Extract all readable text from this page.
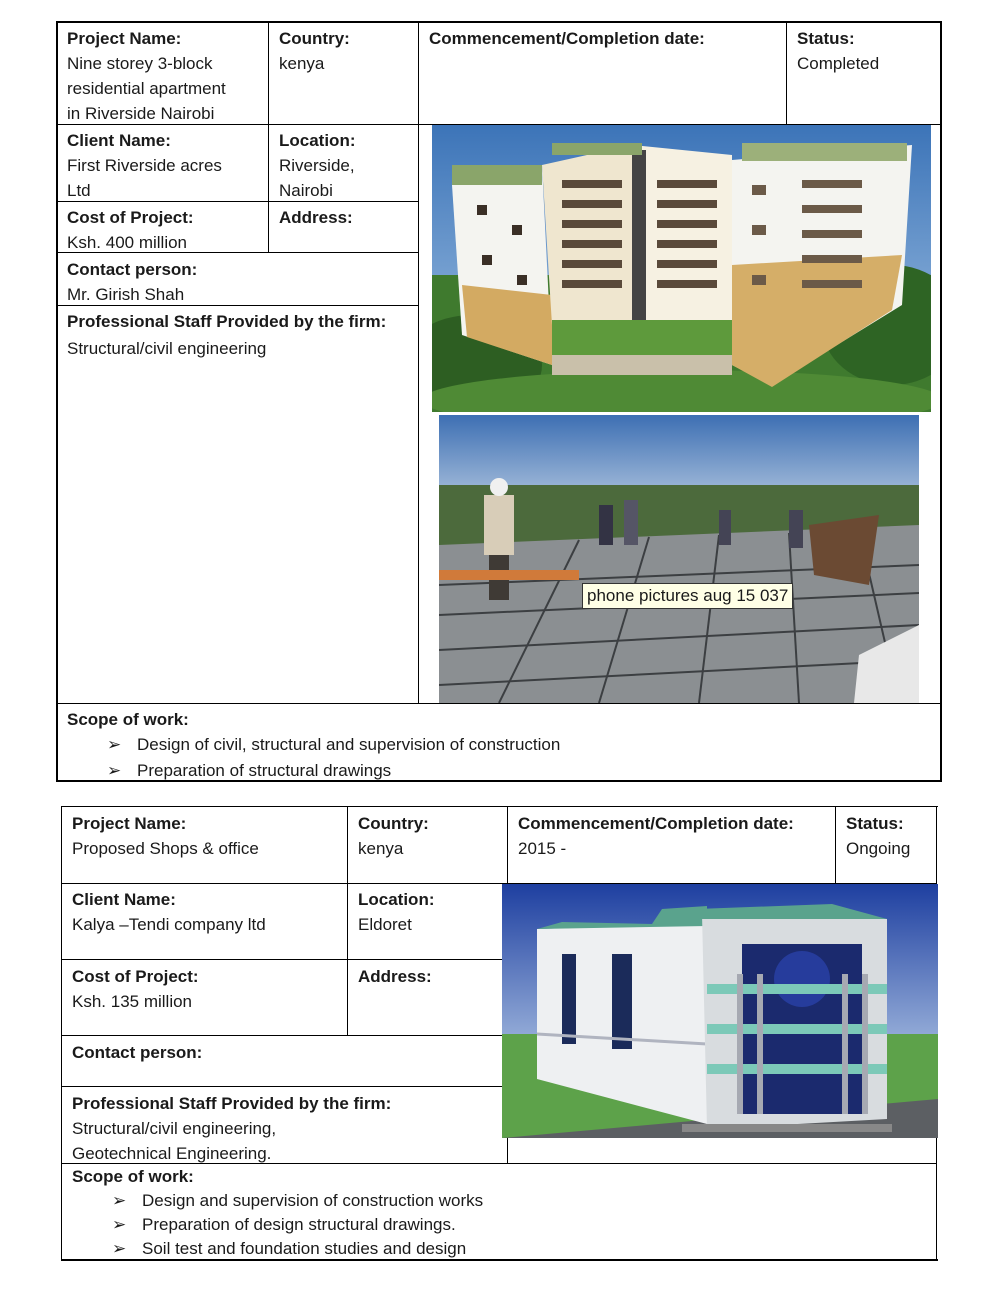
Project Name:
Nine storey 3-block
residential apartment
in Riverside Nairobi
Country:
kenya
Commencement/Completion date:	Status:
Completed
Client Name:
First Riverside acres
Ltd
Location:
Riverside,
Nairobi
Cost of Project:
Ksh. 400 million
Address:
Contact person:
Mr. Girish Shah
Professional Staff Provided by the firm:
Structural/civil engineering
phone pictures aug 15 037
Scope of work:
➢ Design of civil, structural and supervision of construction
➢ Preparation of structural drawings
Project Name:
Proposed Shops & office
Country:
kenya
Commencement/Completion date:
2015 -
Status:
Ongoing
Client Name:
Kalya –Tendi company ltd
Location:
Eldoret
Cost of Project:
Ksh. 135 million
Address:
Contact person:
Professional Staff Provided by the firm:
Structural/civil engineering,
Geotechnical Engineering.
Scope of work:
➢ Design and supervision of construction works
➢ Preparation of design structural drawings.
➢ Soil test and foundation studies and design
